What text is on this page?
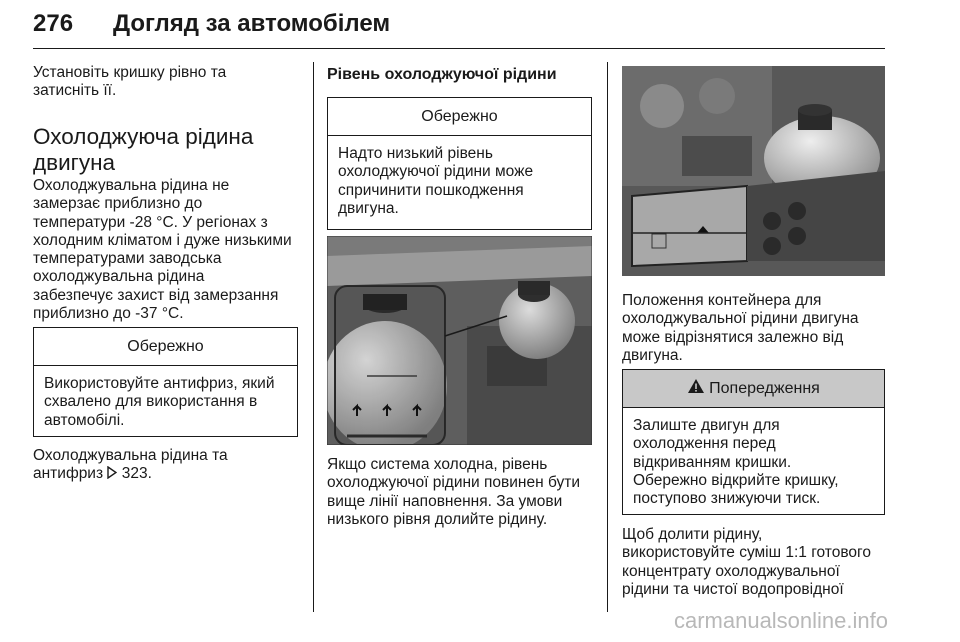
276 Догляд за автомобілем

Установіть кришку рівно та

затисніть її.

Охолоджуюча рідина

двигуна

Охолоджувальна рідина не

замерзає приблизно до

температури -28 °C. У регіонах з

холодним кліматом і дуже низькими

температурами заводська

охолоджувальна рідина

забезпечує захист від замерзання

приблизно до -37 °C.

Обережно
Використовуйте антифриз, який
схвалено для використання в
автомобілі.

Охолоджувальна рідина та

антифриз 323.

Рівень охолоджуючої рідини
Обережно
Надто низький рівень
охолоджуючої рідини може
спричинити пошкодження
двигуна.

Якщо система холодна, рівень

охолоджуючої рідини повинен бути

вище лінії наповнення. За умови

низького рівня долийте рідину.

Положення контейнера для

охолоджувальної рідини двигуна

може відрізнятися залежно від

двигуна.

Попередження
Залиште двигун для
охолодження перед
відкриванням кришки.
Обережно відкрийте кришку,
поступово знижуючи тиск.

Щоб долити рідину,

використовуйте суміш 1:1 готового

концентрату охолоджувальної

рідини та чистої водопровідної

carmanualsonline.info
